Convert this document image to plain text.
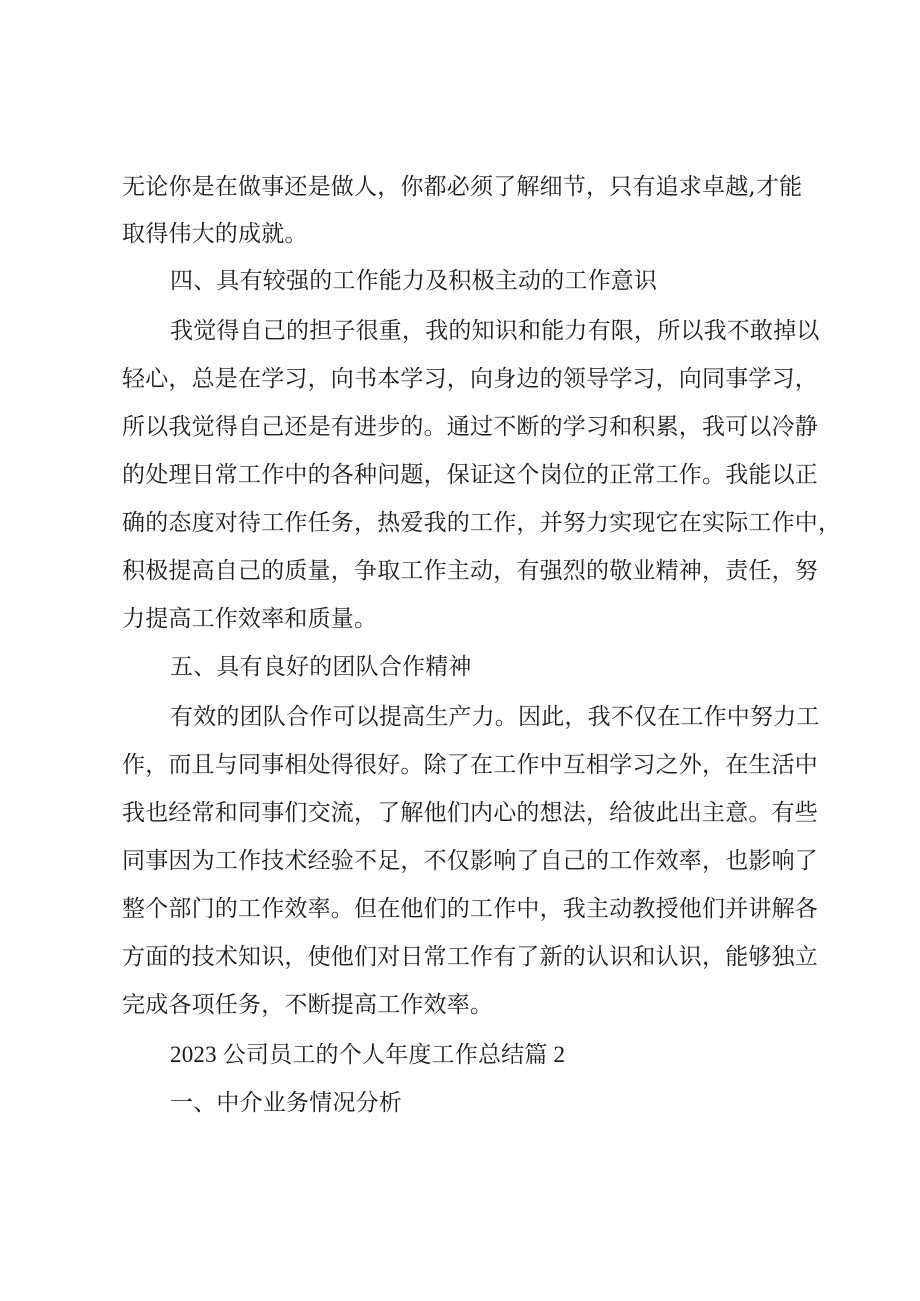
无论你是在做事还是做人，你都必须了解细节，只有追求卓越,才能
取得伟大的成就。
四、具有较强的工作能力及积极主动的工作意识
我觉得自己的担子很重，我的知识和能力有限，所以我不敢掉以
轻心，总是在学习，向书本学习，向身边的领导学习，向同事学习，
所以我觉得自己还是有进步的。通过不断的学习和积累，我可以冷静
的处理日常工作中的各种问题，保证这个岗位的正常工作。我能以正
确的态度对待工作任务，热爱我的工作，并努力实现它在实际工作中，
积极提高自己的质量，争取工作主动，有强烈的敬业精神，责任，努
力提高工作效率和质量。
五、具有良好的团队合作精神
有效的团队合作可以提高生产力。因此，我不仅在工作中努力工
作，而且与同事相处得很好。除了在工作中互相学习之外，在生活中
我也经常和同事们交流，了解他们内心的想法，给彼此出主意。有些
同事因为工作技术经验不足，不仅影响了自己的工作效率，也影响了
整个部门的工作效率。但在他们的工作中，我主动教授他们并讲解各
方面的技术知识，使他们对日常工作有了新的认识和认识，能够独立
完成各项任务，不断提高工作效率。
2023 公司员工的个人年度工作总结篇 2
一、中介业务情况分析
